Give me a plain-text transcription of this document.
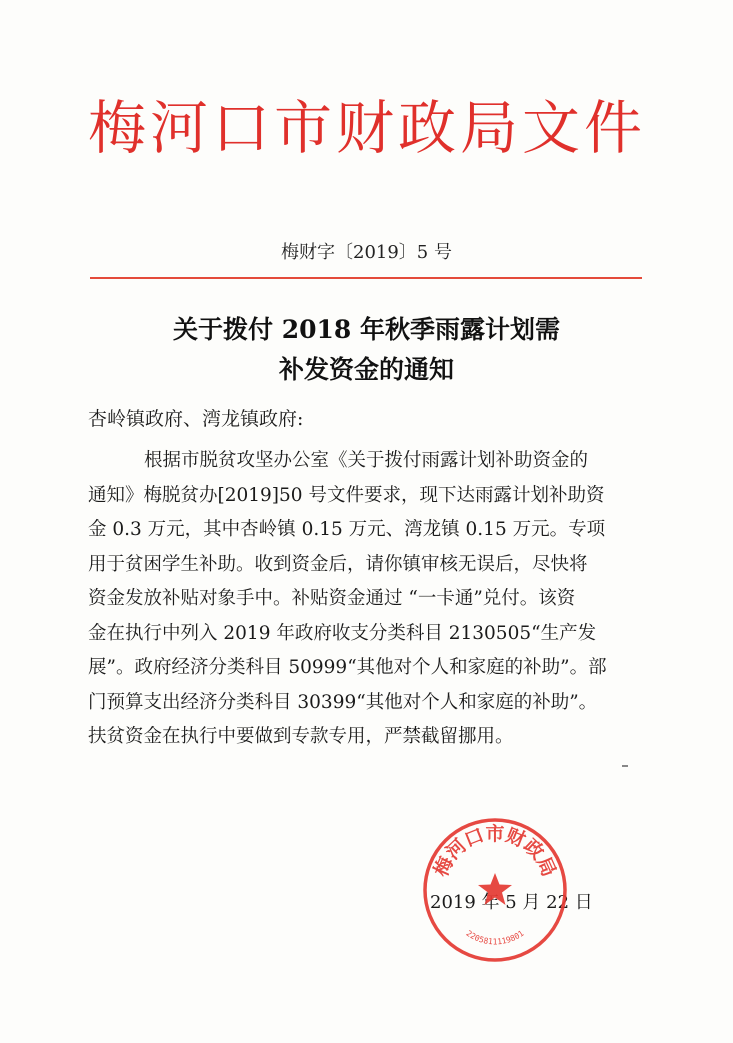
梅河口市财政局文件
梅财字〔2019〕5 号
关于拨付 2018 年秋季雨露计划需
补发资金的通知
杏岭镇政府、湾龙镇政府:

根据市脱贫攻坚办公室《关于拨付雨露计划补助资金的

通知》梅脱贫办[2019]50 号文件要求，现下达雨露计划补助资

金 0.3 万元，其中杏岭镇 0.15 万元、湾龙镇 0.15 万元。专项

用于贫困学生补助。收到资金后，请你镇审核无误后，尽快将

资金发放补贴对象手中。补贴资金通过 “一卡通”兑付。该资

金在执行中列入 2019 年政府收支分类科目 2130505“生产发

展”。政府经济分类科目 50999“其他对个人和家庭的补助”。部

门预算支出经济分类科目 30399“其他对个人和家庭的补助”。

扶贫资金在执行中要做到专款专用，严禁截留挪用。

2019 年 5 月 22 日
梅河口市财政局
2205811119801
